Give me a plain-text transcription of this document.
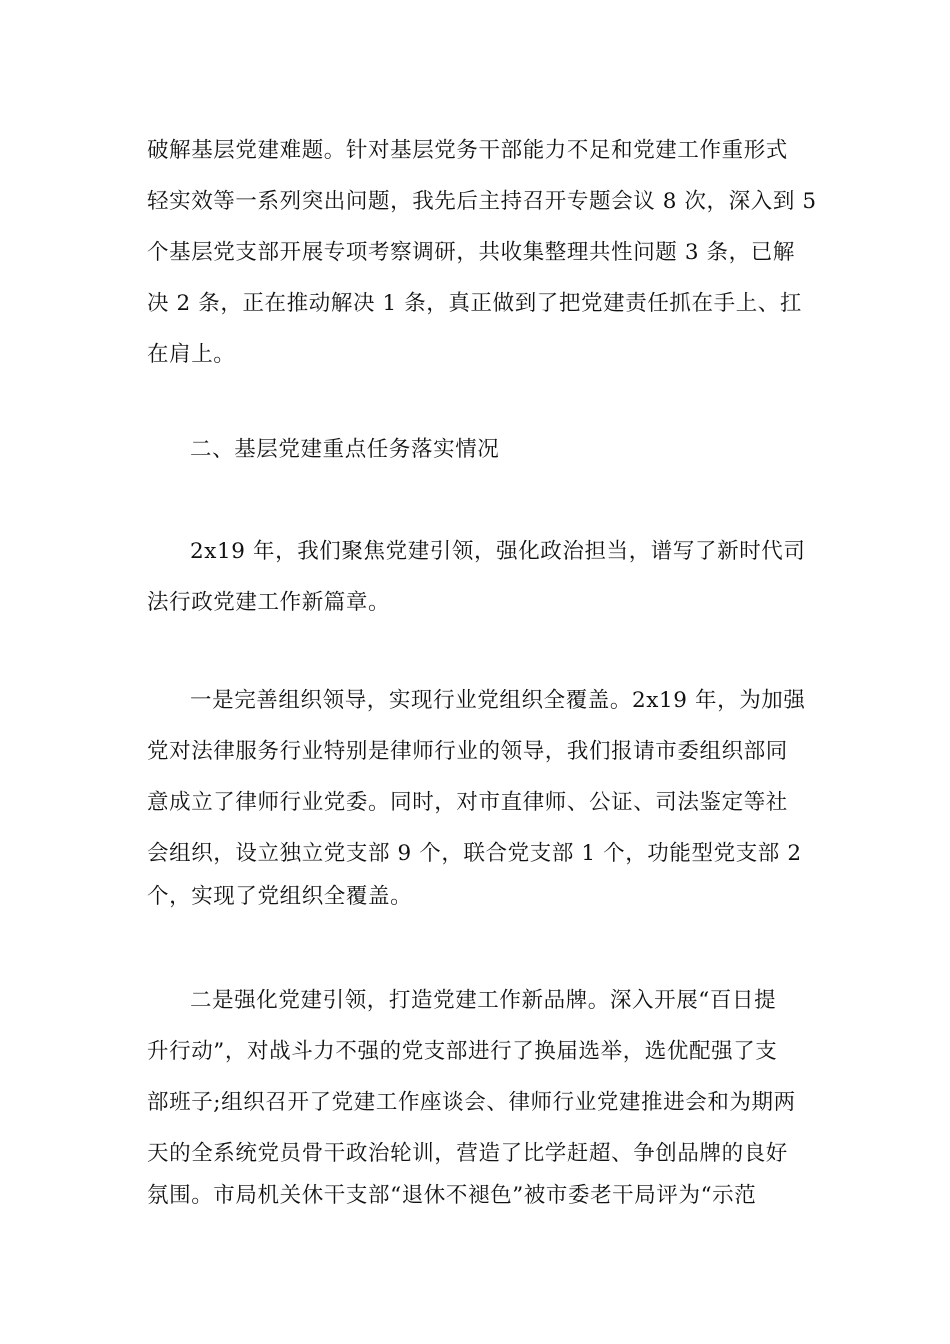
破解基层党建难题。针对基层党务干部能力不足和党建工作重形式
轻实效等一系列突出问题，我先后主持召开专题会议 8 次，深入到 5
个基层党支部开展专项考察调研，共收集整理共性问题 3 条，已解
决 2 条，正在推动解决 1 条，真正做到了把党建责任抓在手上、扛
在肩上。
二、基层党建重点任务落实情况
2x19 年，我们聚焦党建引领，强化政治担当，谱写了新时代司
法行政党建工作新篇章。
一是完善组织领导，实现行业党组织全覆盖。2x19 年，为加强
党对法律服务行业特别是律师行业的领导，我们报请市委组织部同
意成立了律师行业党委。同时，对市直律师、公证、司法鉴定等社
会组织，设立独立党支部 9 个，联合党支部 1 个，功能型党支部 2
个，实现了党组织全覆盖。
二是强化党建引领，打造党建工作新品牌。深入开展“百日提
升行动”，对战斗力不强的党支部进行了换届选举，选优配强了支
部班子;组织召开了党建工作座谈会、律师行业党建推进会和为期两
天的全系统党员骨干政治轮训，营造了比学赶超、争创品牌的良好
氛围。市局机关休干支部“退休不褪色”被市委老干局评为“示范
